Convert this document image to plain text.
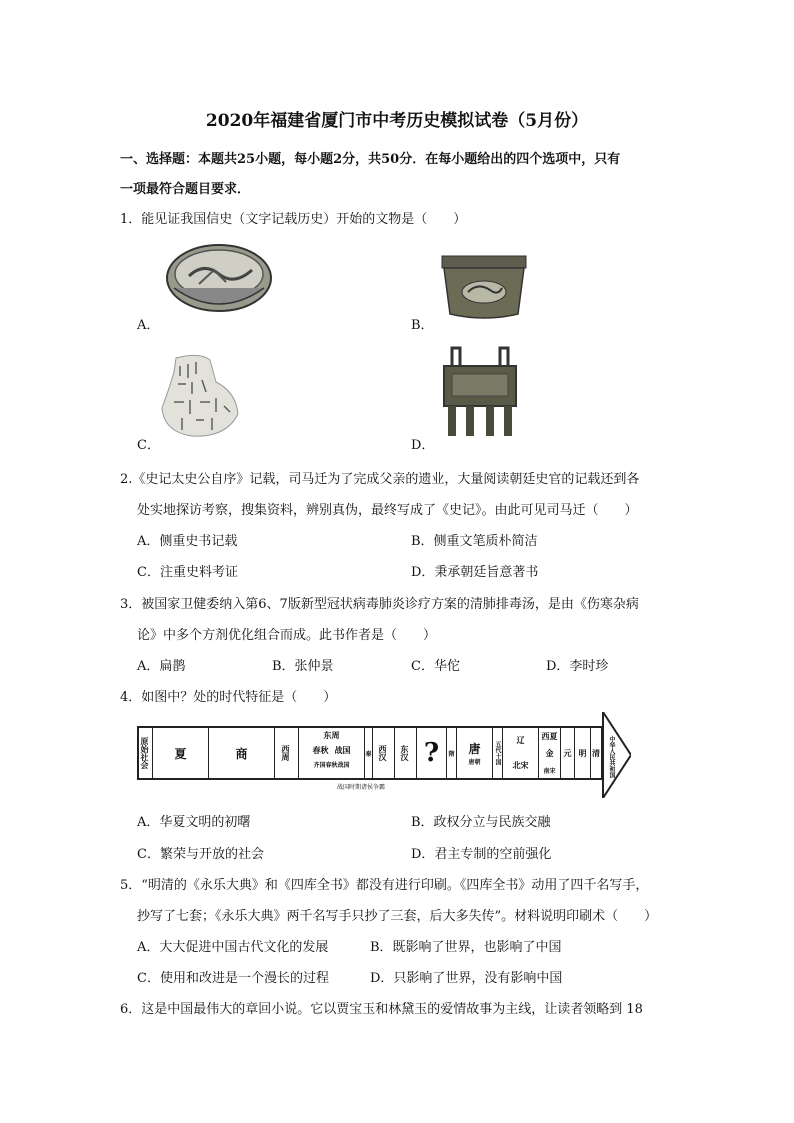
2020年福建省厦门市中考历史模拟试卷（5月份）
一、选择题：本题共25小题，每小题2分，共50分．在每小题给出的四个选项中，只有
一项最符合题目要求．
1．能见证我国信史（文字记载历史）开始的文物是（　　）
A．	B．
C．	D．
2.《史记太史公自序》记载，司马迁为了完成父亲的遗业，大量阅读朝廷史官的记载还到各
处实地探访考察，搜集资料，辨别真伪，最终写成了《史记》。由此可见司马迁（　　）
A．侧重史书记载	B．侧重文笔质朴简洁
C．注重史料考证	D．秉承朝廷旨意著书
3．被国家卫健委纳入第6、7版新型冠状病毒肺炎诊疗方案的清肺排毒汤，是由《伤寒杂病
论》中多个方剂优化组合而成。此书作者是（　　）
A．扁鹊	B．张仲景	C．华佗	D．李时珍
4．如图中？处的时代特征是（　　）
原始社会 夏	商	西周
东周
春秋 战国
齐国春秋战国
秦 西汉 东汉 ? 隋 唐
唐朝 五代十国
辽
北宋
西夏
金
南宋
元 明 清 中华人民共和国
战国时期诸侯争霸
A．华夏文明的初曙	B．政权分立与民族交融
C．繁荣与开放的社会	D．君主专制的空前强化
5．“明清的《永乐大典》和《四库全书》都没有进行印刷。《四库全书》动用了四千名写手，
抄写了七套；《永乐大典》两千名写手只抄了三套，后大多失传”。材料说明印刷术（　　）
A．大大促进中国古代文化的发展	B．既影响了世界，也影响了中国
C．使用和改进是一个漫长的过程	D．只影响了世界，没有影响中国
6．这是中国最伟大的章回小说。它以贾宝玉和林黛玉的爱情故事为主线，让读者领略到 18
